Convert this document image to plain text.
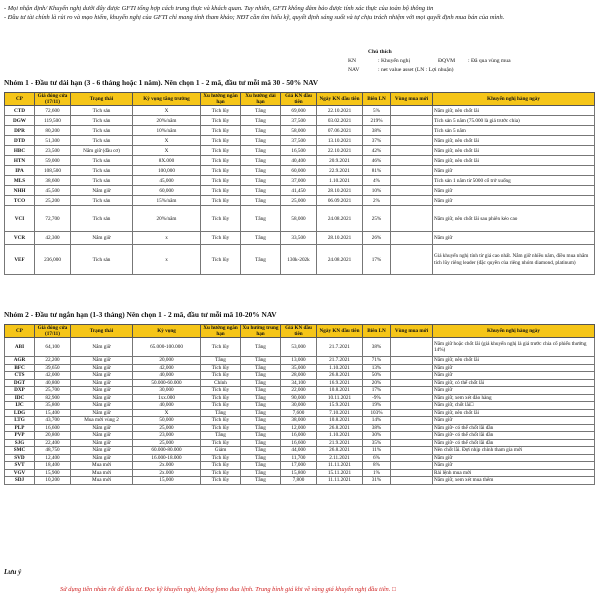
- Mọi nhận định/ Khuyến nghị dưới đây được GFTI tổng hợp cách trung thực và khách quan. Tuy nhiên, GFTI không đảm bảo được tính xác thực của toàn bộ thông tin
- Đầu tư tài chính là rủi ro và mạo hiểm, khuyến nghị của GFTI chỉ mang tính tham khảo; NĐT cần tìm hiểu kỹ, quyết định sáng suốt và tự chịu trách nhiệm với mọi quyết định mua bán của mình.
Chú thích
KN	: Khuyến nghị	ĐQVM	: Đã qua vùng mua
NAV	: net value asset (LN : Lợi nhuận)
Nhóm 1 - Đầu tư dài hạn (3 - 6 tháng hoặc 1 năm). Nên chọn 1 - 2 mã, đầu tư mỗi mã 30 - 50% NAV
CP	Giá đóng cửa (17/11)	Trạng thái	Kỳ vọng tăng trưởng	Xu hướng ngắn hạn	Xu hướng dài hạn	Giá KN đầu tiên	Ngày KN đầu tiên	Biên LN	Vùng mua mới	Khuyến nghị hàng ngày
CTD	72,600	Tích sản	X	Tích lũy	Tăng	69,000	22.10.2021	5%		Nắm giữ, nên chốt lãi
DGW	119,500	Tích sản	20%/năm	Tích lũy	Tăng	37,500	03.02.2021	219%		Tích sản 5 năm (75.000 là giá trước chia)
DPR	80,200	Tích sản	10%/năm	Tích lũy	Tăng	58,000	07.06.2021	38%		Tích sản 5 năm
DTD	51,300	Tích sản	X	Tích lũy	Tăng	37,500	13.10.2021	37%		Nắm giữ, nên chốt lãi
HBC	23,500	Nắm giữ (đầu cơ)	X	Tích lũy	Tăng	16,500	22.10.2021	42%		Nắm giữ, nên chốt lãi
HTN	59,000	Tích sản	8X.000	Tích lũy	Tăng	40,400	20.9.2021	46%		Nắm giữ, nên chốt lãi
IPA	108,500	Tích sản	100,000	Tích lũy	Tăng	60,000	22.9.2021	81%		Nắm giữ
MLS	38,600	Tích sản	45,000	Tích lũy	Tăng	37,000	1.10.2021	4%		Tích sản 1 năm từ 5000 cổ trở xuống
NHH	45,500	Nắm giữ	60,000	Tích lũy	Tăng	41,450	28.10.2021	10%		Nắm giữ
TCO	25,200	Tích sản	15%/năm	Tích lũy	Tăng	25,000	06.09.2021	2%		Nắm giữ
VCI	72,700	Tích sản	20%/năm	Tích lũy	Tăng	58,000	24.08.2021	25%		Nắm giữ, nên chốt lãi sau phiên kéo cao
VCR	42,300	Nắm giữ	x	Tích lũy	Tăng	33,500	28.10.2021	26%		Nắm giữ
VEF	236,000	Tích sản	x	Tích lũy	Tăng	130k-202k	24.08.2021	17%		Giá khuyến nghị tính từ giá cao nhất. Nắm giữ nhiều năm, điều mua nhằm tích lũy riêng leader (đặc quyền của riêng nhóm diamond, platinum)
Nhóm 2 - Đầu tư ngắn hạn (1-3 tháng) Nên chọn 1 - 2 mã, đầu tư mỗi mã 10-20% NAV
CP	Giá đóng cửa (17/11)	Trạng thái	Kỳ vọng	Xu hướng ngắn hạn	Xu hướng trung hạn	Giá KN đầu tiên	Ngày KN đầu tiên	Biên LN	Vùng mua mới	Khuyến nghị hàng ngày
ABI	64,100	Nắm giữ	65.000-100.000	Tích lũy	Tăng	53,000	21.7.2021	38%		Nắm giữ hoặc chốt lãi (giá khuyến nghị là giá trước chia cổ phiếu thưởng 14%)
AGR	22,200	Nắm giữ	20,000	Tăng	Tăng	13,000	21.7.2021	71%		Nắm giữ, nên chốt lãi
BFC	39,650	Nắm giữ	42,000	Tích lũy	Tăng	35,000	1.10.2021	13%		Nắm giữ
CTS	42,000	Nắm giữ	40,000	Tích lũy	Tăng	28,000	26.8.2021	50%		Nắm giữ
DGT	40,800	Nắm giữ	50.000-60.000	Chỉnh	Tăng	34,100	16.9.2021	20%		Nắm giữ, có thể chốt lãi
DXP	25,700	Nắm giữ	30,000	Tích lũy	Tăng	22,000	10.8.2021	17%		Nắm giữ
IDC	82,900	Nắm giữ	1xx.000	Tích lũy	Tăng	90,000	10.11.2021	-9%		Nắm giữ, xem xét đảo hàng
IJC	35,800	Nắm giữ	40,000	Tích lũy	Tăng	30,000	15.9.2021	19%		Nắm giữ, chốt lãi□
LDG	15,400	Nắm giữ	X	Tăng	Tăng	7,600	7.10.2021	103%		Nắm giữ, nên chốt lãi
LTG	43,700	Mua mới vùng 2	50,000	Tích lũy	Tăng	38,000	10.8.2021	14%		Nắm giữ
PLP	16,600	Nắm giữ	25,000	Tích lũy	Tăng	12,000	26.8.2021	38%		Nắm giữ- có thể chốt lãi dần
PVP	20,800	Nắm giữ	23,000	Tăng	Tăng	16,000	1.10.2021	30%		Nắm giữ- có thể chốt lãi dần
SJG	22,400	Nắm giữ	25,000	Tích lũy	Tăng	16,600	21.9.2021	35%		Nắm giữ- có thể chốt lãi dần
SMC	48,750	Nắm giữ	60.000-80.000	Giảm	Tăng	44,000	26.8.2021	11%		Nên chốt lãi. Đợi nhịp chỉnh tham gia mới
SVD	12,400	Nắm giữ	16.000-18.000	Tích lũy	Tăng	11,700	2.11.2021	6%		Nắm giữ
SVT	18,400	Mua mới	2x.000	Tích lũy	Tăng	17,000	11.11.2021	8%		Nắm giữ
VGV	15,900	Mua mới	2x.000	Tích lũy	Tăng	15,800	15.11.2021	1%		Rải lệnh mua mới
SDJ	10,200	Mua mới	15,000	Tích lũy	Tăng	7,800	11.11.2021	31%		Nắm giữ, xem xét mua thêm
Lưu ý
Sử dụng tiền nhàn rỗi để đầu tư. Đọc kỹ khuyến nghị, không fomo đua lệnh. Trung bình giá khi về vùng giá khuyến nghị đầu tiên. □
